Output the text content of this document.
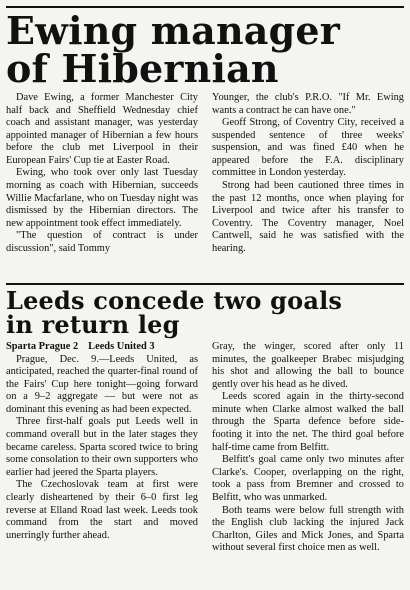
Ewing manager
of Hibernian

Dave Ewing, a former Manchester City half back and Sheffield Wednesday chief coach and assistant manager, was yesterday appointed manager of Hibernian a few hours before the club met Liverpool in their European Fairs' Cup tie at Easter Road.

Ewing, who took over only last Tuesday morning as coach with Hibernian, succeeds Willie Macfarlane, who on Tuesday night was dismissed by the Hibernian directors. The new appointment took effect immediately.

"The question of contract is under discussion", said Tommy

Younger, the club's P.R.O. "If Mr. Ewing wants a contract he can have one."

Geoff Strong, of Coventry City, received a suspended sentence of three weeks' suspension, and was fined £40 when he appeared before the F.A. disciplinary committee in London yesterday.

Strong had been cautioned three times in the past 12 months, once when playing for Liverpool and twice after his transfer to Coventry. The Coventry manager, Noel Cantwell, said he was satisfied with the hearing.

Leeds concede two goals
in return leg
Sparta Prague 2 Leeds United 3

Prague, Dec. 9.—Leeds United, as anticipated, reached the quarter-final round of the Fairs' Cup here tonight—going forward on a 9–2 aggregate — but were not as dominant this evening as had been expected.

Three first-half goals put Leeds well in command overall but in the later stages they became careless. Sparta scored twice to bring some consolation to their own supporters who earlier had jeered the Sparta players.

The Czechoslovak team at first were clearly disheartened by their 6–0 first leg reverse at Elland Road last week. Leeds took command from the start and moved unerringly further ahead.

Gray, the winger, scored after only 11 minutes, the goalkeeper Brabec misjudging his shot and allowing the ball to bounce gently over his head as he dived.

Leeds scored again in the thirty-second minute when Clarke almost walked the ball through the Sparta defence before side-footing it into the net. The third goal before half-time came from Belfitt.

Belfitt's goal came only two minutes after Clarke's. Cooper, overlapping on the right, took a pass from Bremner and crossed to Belfitt, who was unmarked.

Both teams were below full strength with the English club lacking the injured Jack Charlton, Giles and Mick Jones, and Sparta without several first choice men as well.
